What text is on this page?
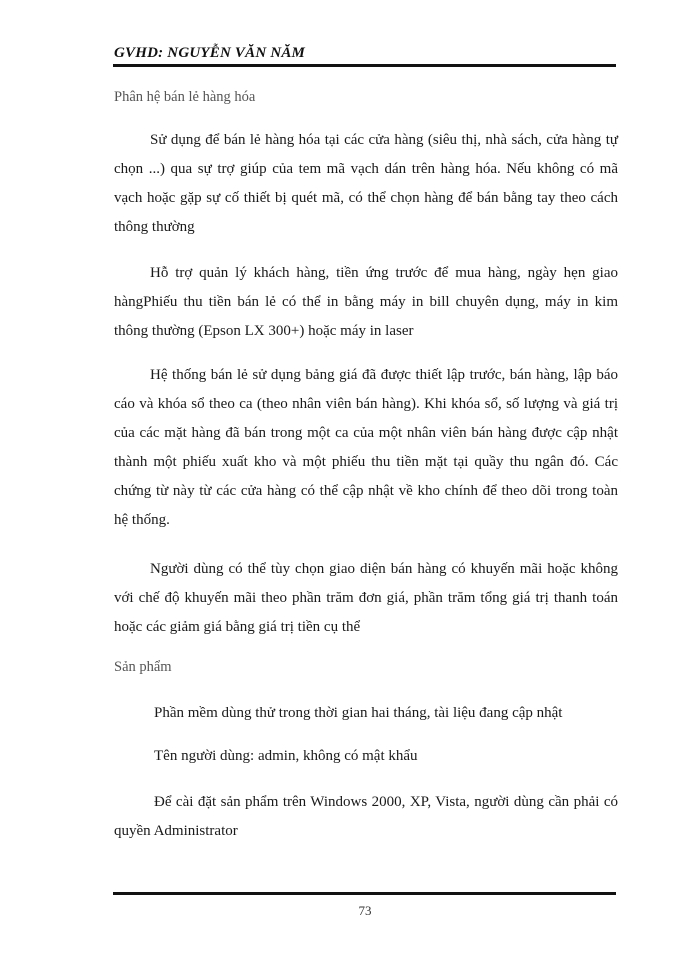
GVHD: NGUYỄN VĂN NĂM
Phân hệ bán lẻ hàng hóa

Sử dụng để bán lẻ hàng hóa tại các cửa hàng (siêu thị, nhà sách, cửa hàng tự chọn ...) qua sự trợ giúp của tem mã vạch dán trên hàng hóa. Nếu không có mã vạch hoặc gặp sự cố thiết bị quét mã, có thể chọn hàng để bán bằng tay theo cách thông thường

Hỗ trợ quản lý khách hàng, tiền ứng trước để mua hàng, ngày hẹn giao hàngPhiếu thu tiền bán lẻ có thể in bằng máy in bill chuyên dụng, máy in kim thông thường (Epson LX 300+) hoặc máy in laser

Hệ thống bán lẻ sử dụng bảng giá đã được thiết lập trước, bán hàng, lập báo cáo và khóa sổ theo ca (theo nhân viên bán hàng). Khi khóa sổ, số lượng và giá trị của các mặt hàng đã bán trong một ca của một nhân viên bán hàng được cập nhật thành một phiếu xuất kho và một phiếu thu tiền mặt tại quầy thu ngân đó. Các chứng từ này từ các cửa hàng có thể cập nhật về kho chính để theo dõi trong toàn hệ thống.

Người dùng có thể tùy chọn giao diện bán hàng có khuyến mãi hoặc không với chế độ khuyến mãi theo phần trăm đơn giá, phần trăm tổng giá trị thanh toán hoặc các giảm giá bằng giá trị tiền cụ thể

Sản phẩm

Phần mềm dùng thử trong thời gian hai tháng, tài liệu đang cập nhật

Tên người dùng: admin, không có mật khẩu

Để cài đặt sản phẩm trên Windows 2000, XP, Vista, người dùng cần phải có quyền Administrator

73
